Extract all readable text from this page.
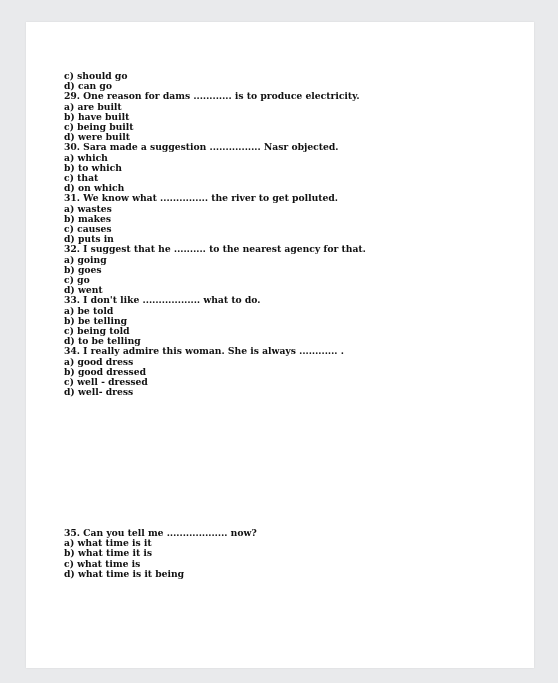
c) should go
d) can go
29. One reason for dams ............ is to produce electricity.
a) are built
b) have built
c) being built
d) were built
30. Sara made a suggestion ................ Nasr objected.
a) which
b) to which
c) that
d) on which
31. We know what ............... the river to get polluted.
a) wastes
b) makes
c) causes
d) puts in
32. I suggest that he .......... to the nearest agency for that.
a) going
b) goes
c) go
d) went
33. I don't like .................. what to do.
a) be told
b) be telling
c) being told
d) to be telling
34. I really admire this woman. She is always ............ .
a) good dress
b) good dressed
c) well - dressed
d) well- dress
35. Can you tell me ................... now?
a) what time is it
b) what time it is
c) what time is
d) what time is it being
